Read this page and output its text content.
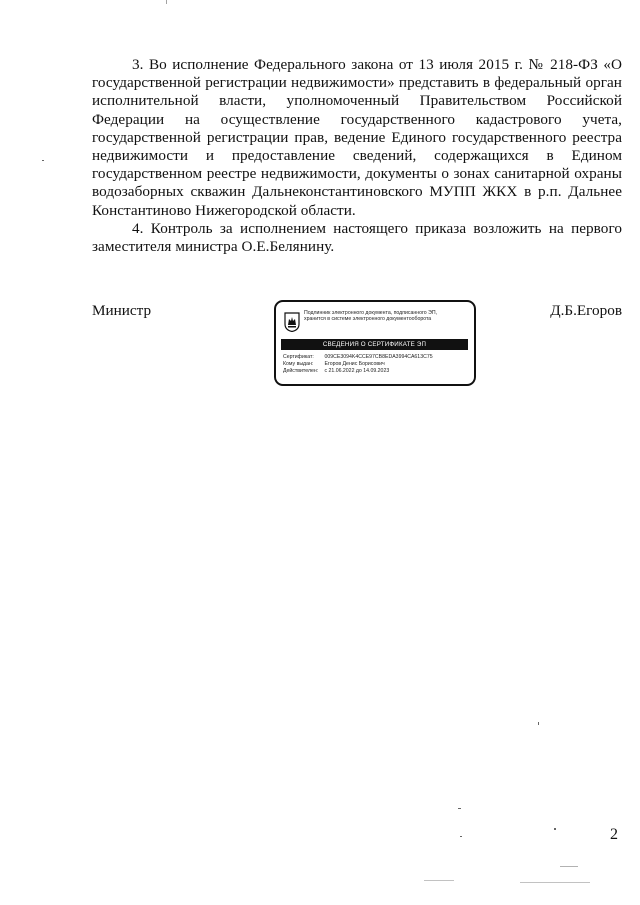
3. Во исполнение Федерального закона от 13 июля 2015 г. № 218-ФЗ «О государственной регистрации недвижимости» представить в федеральный орган исполнительной власти, уполномоченный Правительством Российской Федерации на осуществление государственного кадастрового учета, государственной регистрации прав, ведение Единого государственного реестра недвижимости и предоставление сведений, содержащихся в Едином государственном реестре недвижимости, документы о зонах санитарной охраны водозаборных скважин Дальнеконстантиновского МУПП ЖКХ в р.п. Дальнее Константиново Нижегородской области.

4. Контроль за исполнением настоящего приказа возложить на первого заместителя министра О.Е.Белянину.

Министр	Подлинник электронного документа, подписанного ЭП,
хранится в системе электронного документооборота
СВЕДЕНИЯ О СЕРТИФИКАТЕ ЭП
Сертификат: 009CE3094K4CCE97CB8EDA3994CA613C75
Кому выдан: Егоров Денис Борисович
Действителен: с 21.06.2022 до 14.09.2023
Д.Б.Егоров
2
